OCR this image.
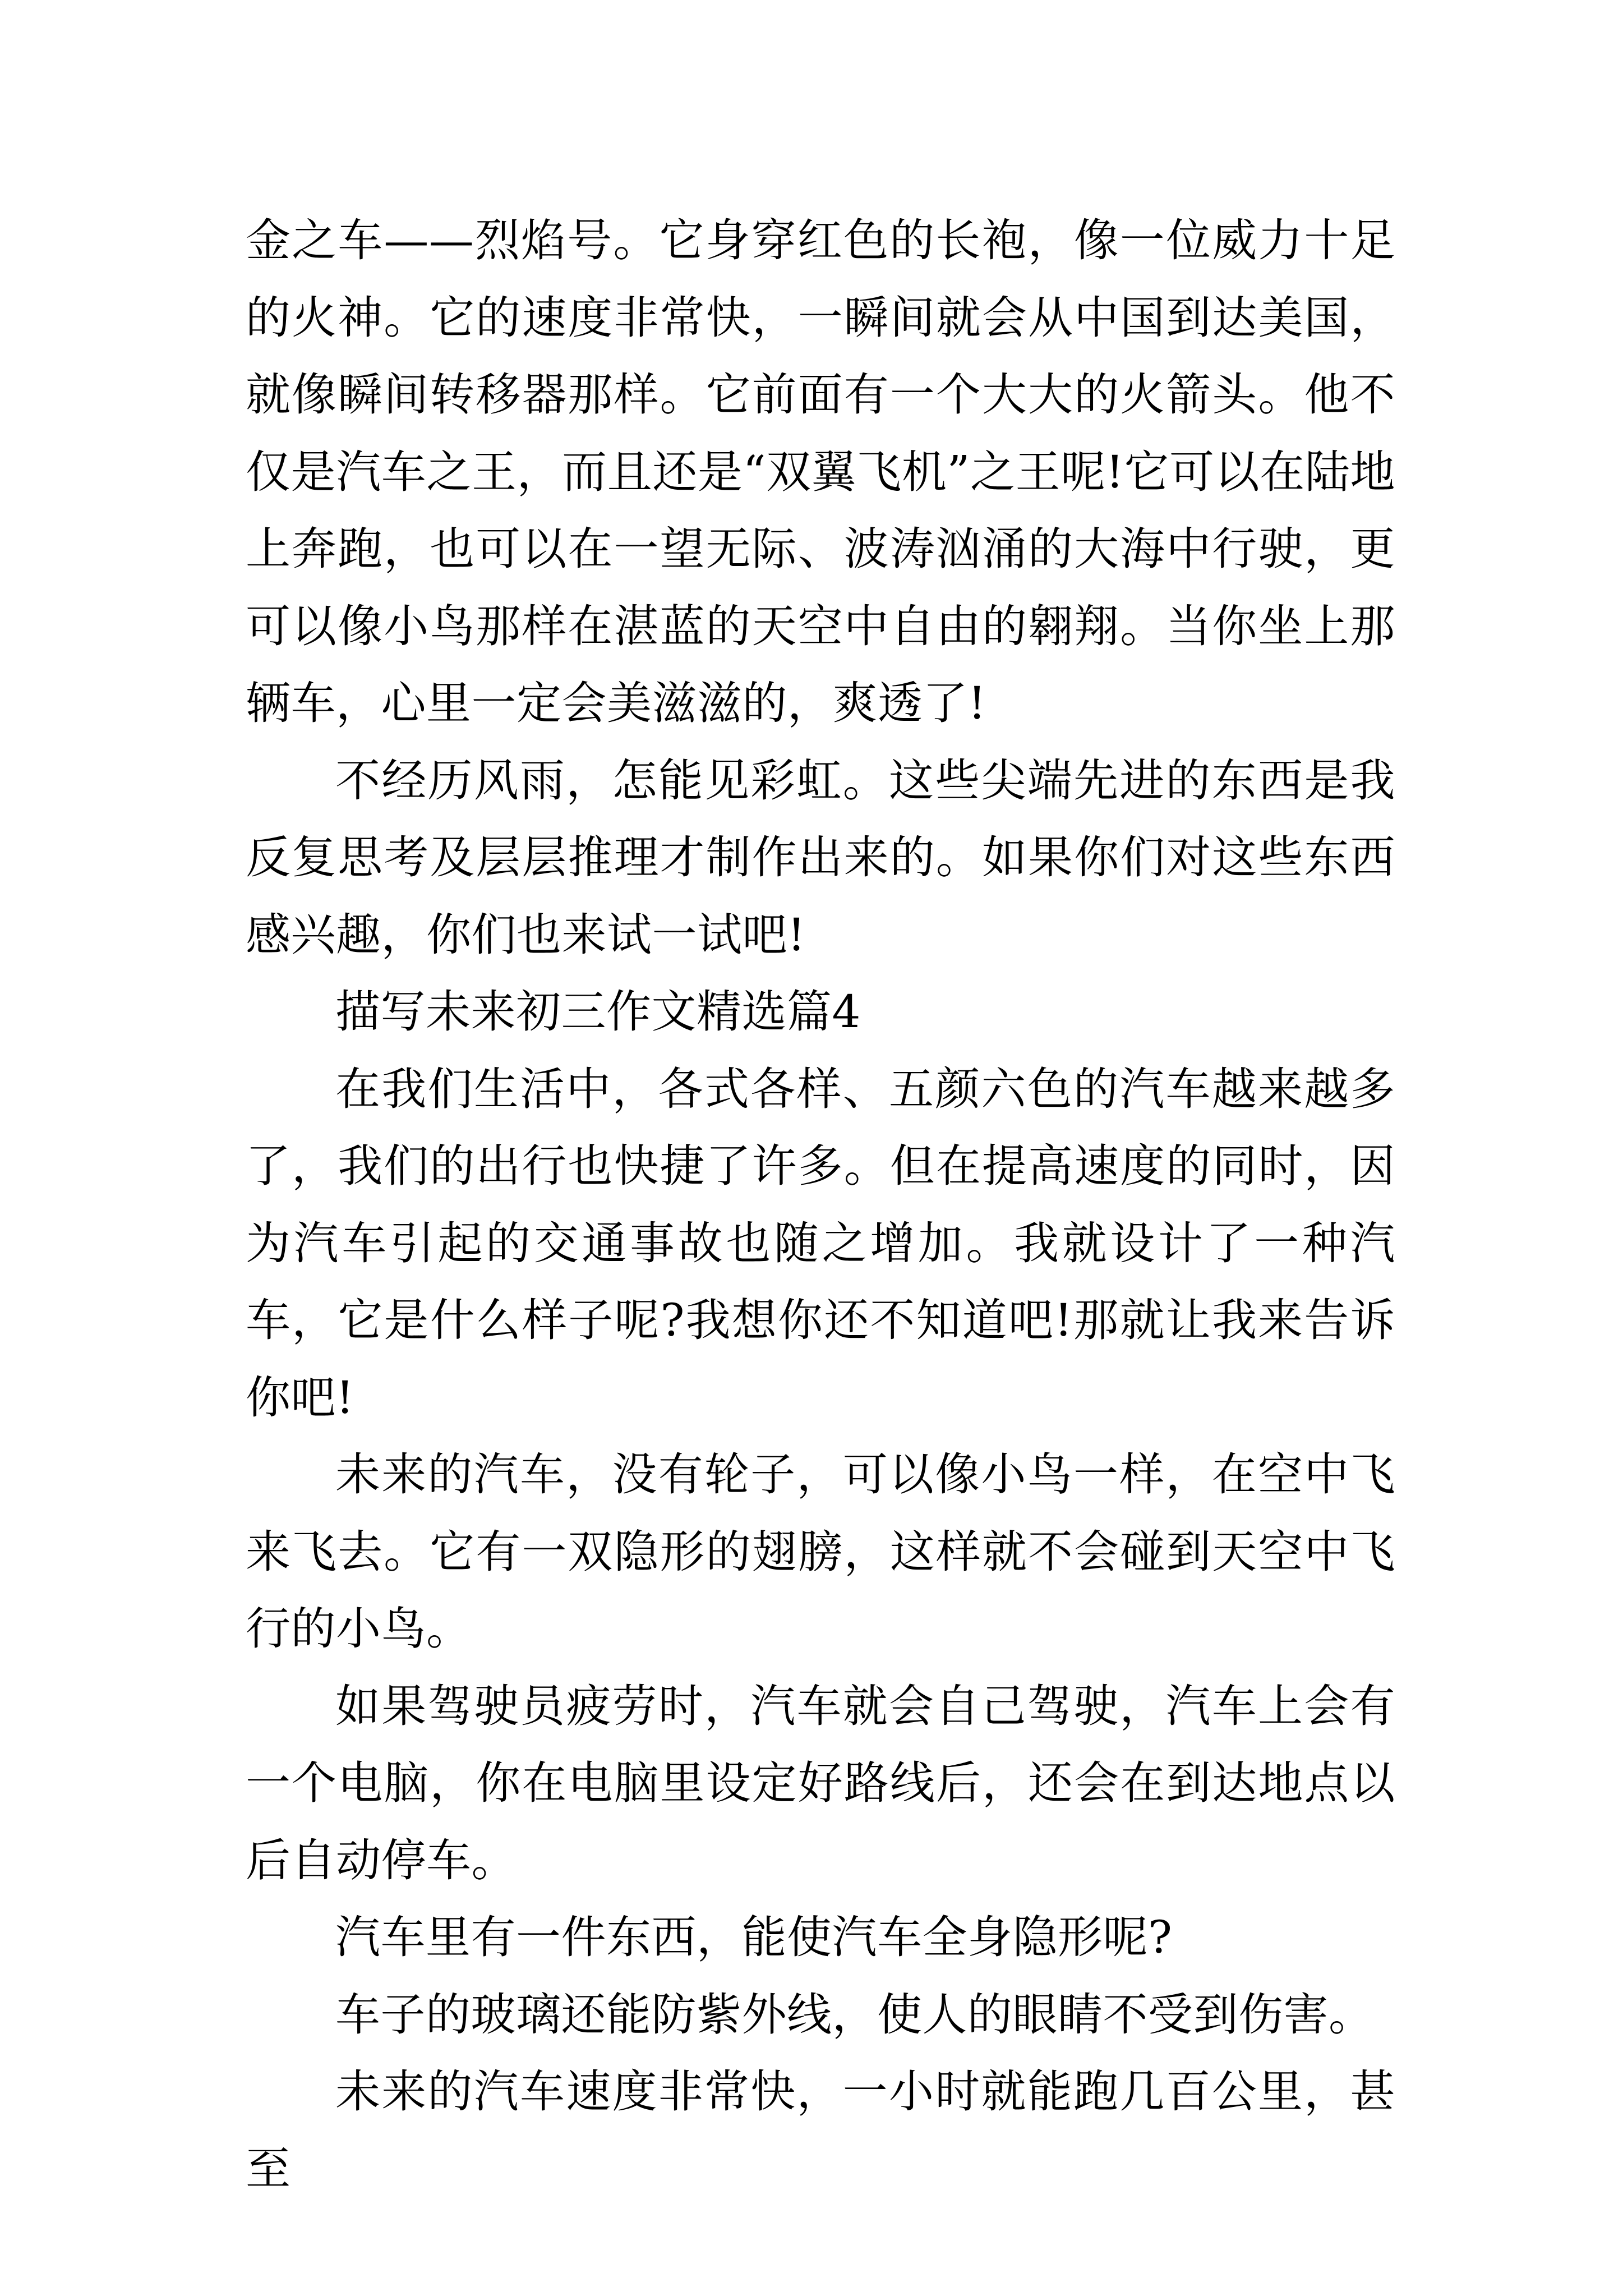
金之车——烈焰号。它身穿红色的长袍，像一位威力十足的火神。它的速度非常快，一瞬间就会从中国到达美国，就像瞬间转移器那样。它前面有一个大大的火箭头。他不仅是汽车之王，而且还是“双翼飞机”之王呢!它可以在陆地上奔跑，也可以在一望无际、波涛汹涌的大海中行驶，更可以像小鸟那样在湛蓝的天空中自由的翱翔。当你坐上那辆车，心里一定会美滋滋的，爽透了!

不经历风雨，怎能见彩虹。这些尖端先进的东西是我反复思考及层层推理才制作出来的。如果你们对这些东西感兴趣，你们也来试一试吧!

描写未来初三作文精选篇4

在我们生活中，各式各样、五颜六色的汽车越来越多了，我们的出行也快捷了许多。但在提高速度的同时，因为汽车引起的交通事故也随之增加。我就设计了一种汽车，它是什么样子呢?我想你还不知道吧!那就让我来告诉你吧!

未来的汽车，没有轮子，可以像小鸟一样，在空中飞来飞去。它有一双隐形的翅膀，这样就不会碰到天空中飞行的小鸟。

如果驾驶员疲劳时，汽车就会自己驾驶，汽车上会有一个电脑，你在电脑里设定好路线后，还会在到达地点以后自动停车。

汽车里有一件东西，能使汽车全身隐形呢?

车子的玻璃还能防紫外线，使人的眼睛不受到伤害。

未来的汽车速度非常快，一小时就能跑几百公里，甚至
